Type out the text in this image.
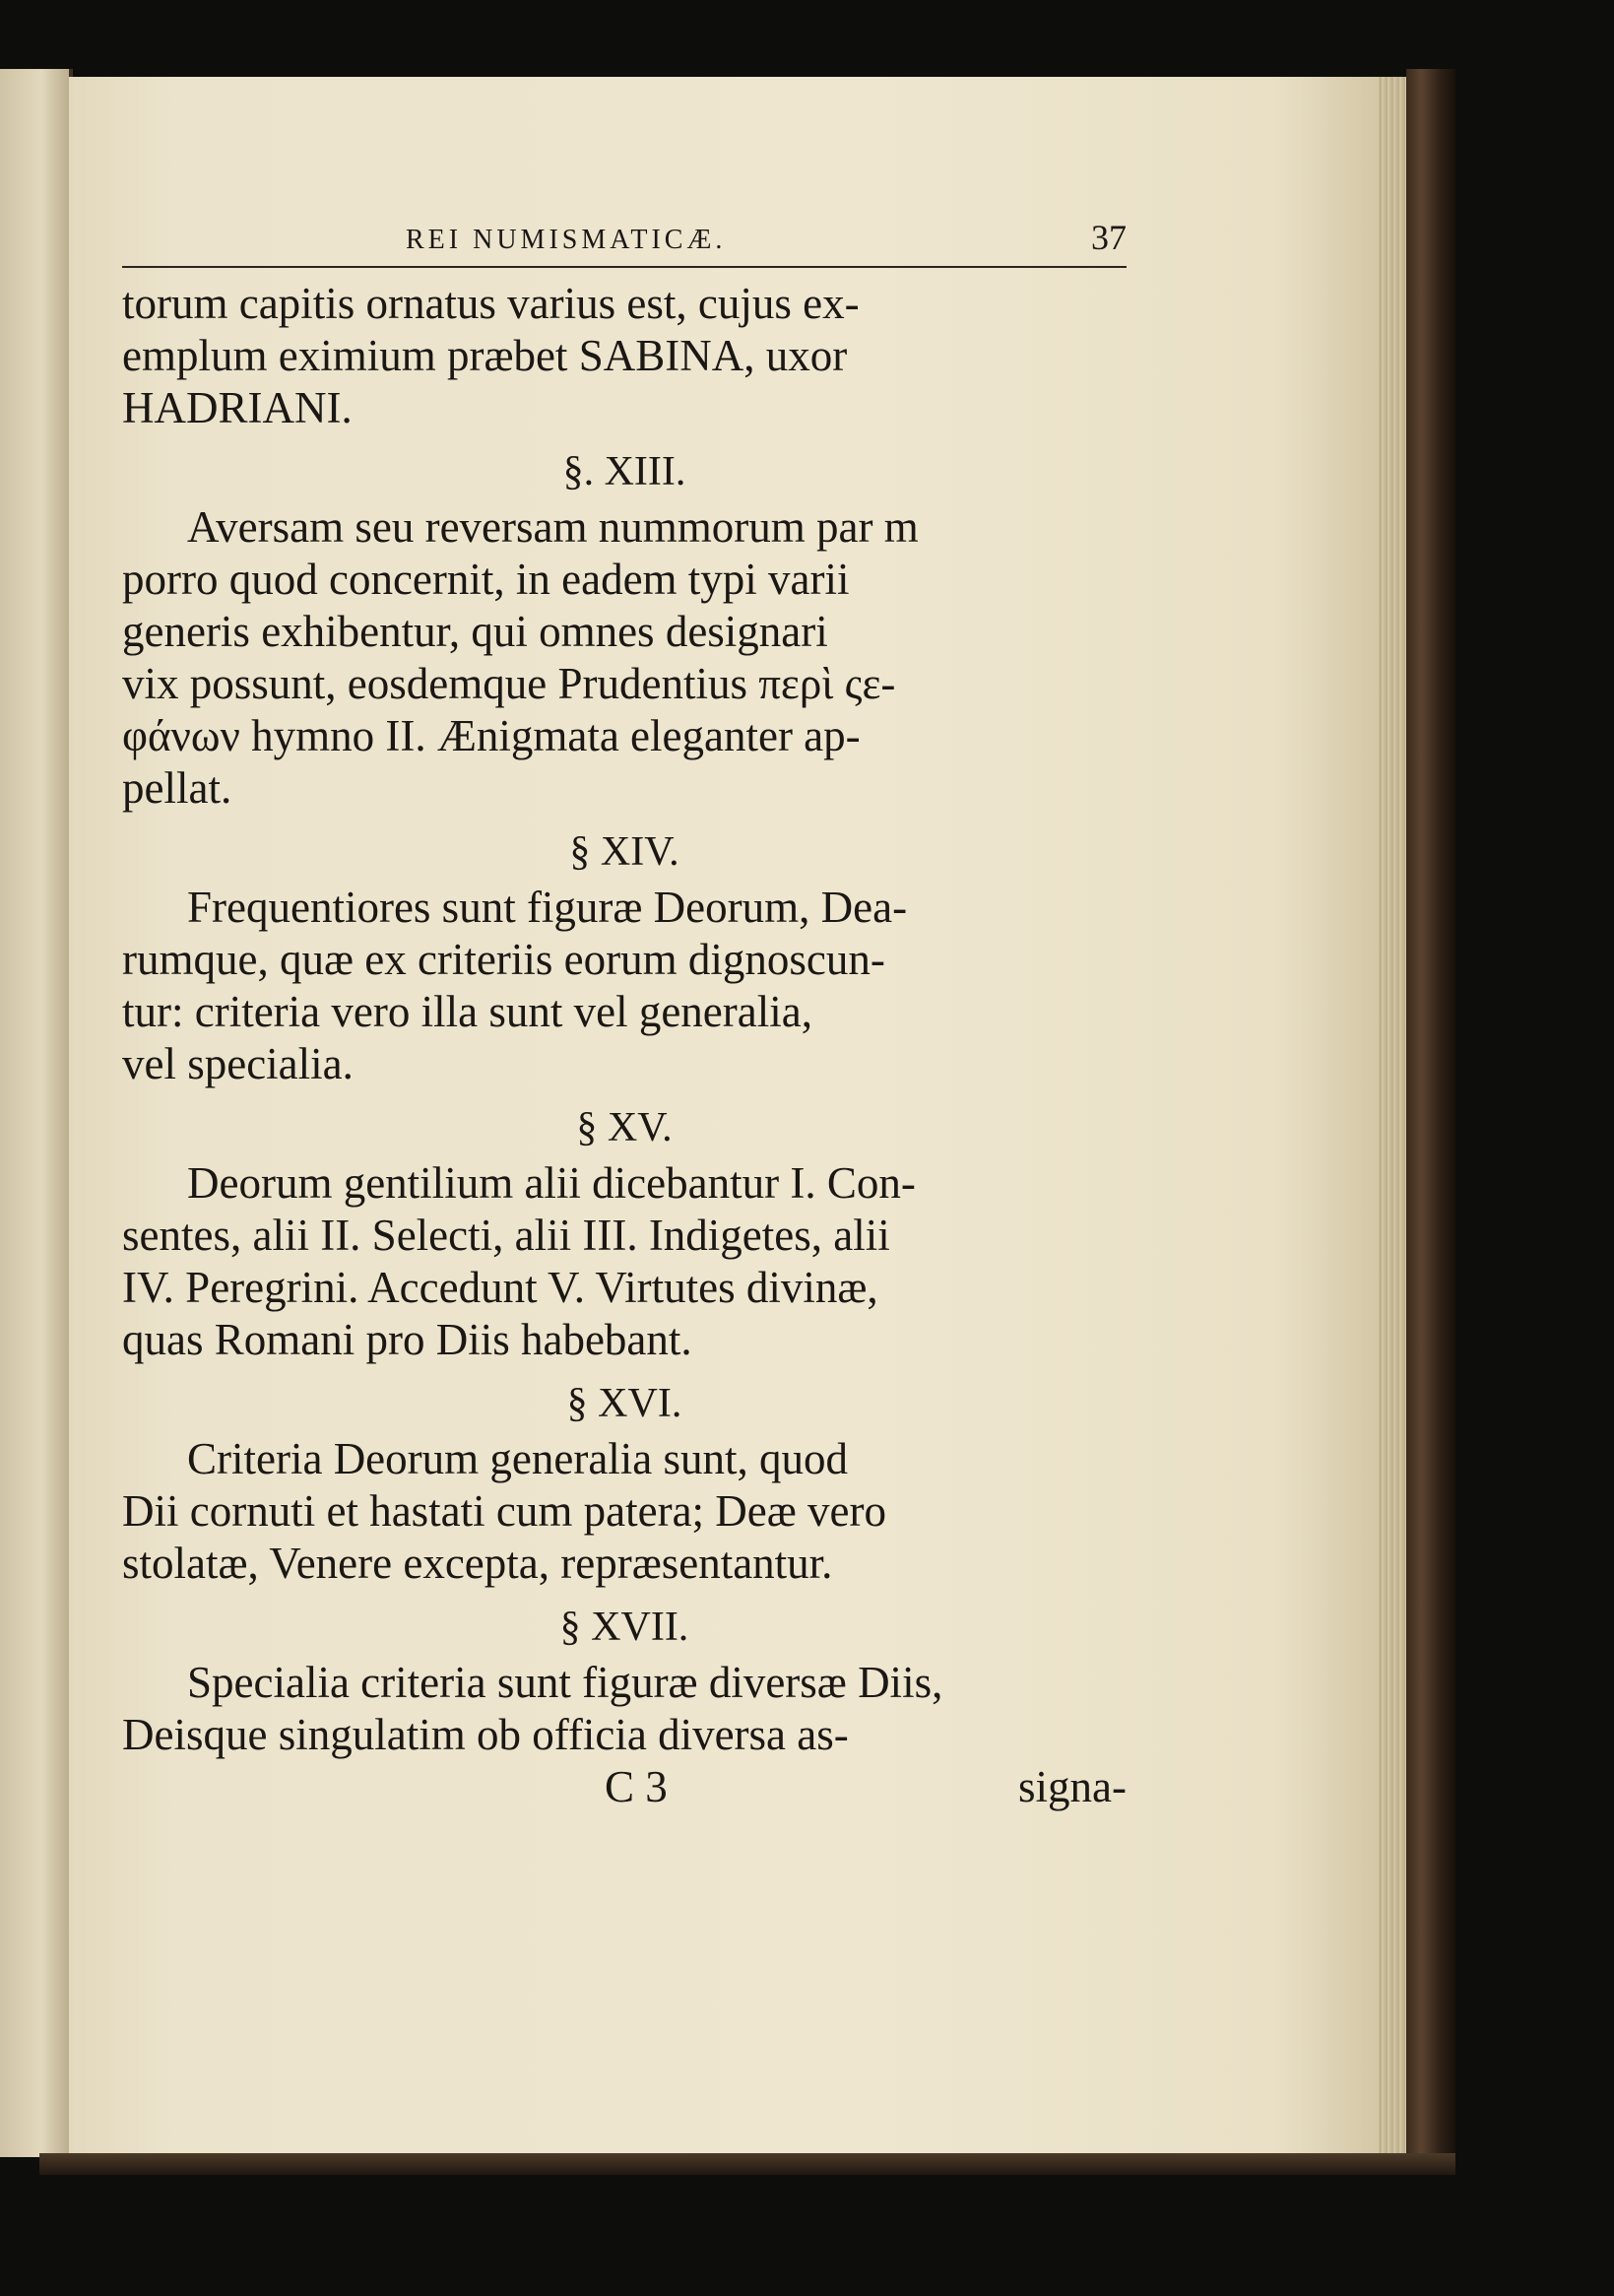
REI NUMISMATICÆ.	37

torum capitis ornatus varius est, cujus ex-

emplum eximium præbet SABINA, uxor

HADRIANI.

§. XIII.

Aversam seu reversam nummorum par m

porro quod concernit, in eadem typi varii

generis exhibentur, qui omnes designari

vix possunt, eosdemque Prudentius περὶ ςε-

φάνων hymno II. Ænigmata eleganter ap-

pellat.

§ XIV.

Frequentiores sunt figuræ Deorum, Dea-

rumque, quæ ex criteriis eorum dignoscun-

tur: criteria vero illa sunt vel generalia,

vel specialia.

§ XV.

Deorum gentilium alii dicebantur I. Con-

sentes, alii II. Selecti, alii III. Indigetes, alii

IV. Peregrini. Accedunt V. Virtutes divinæ,

quas Romani pro Diis habebant.

§ XVI.

Criteria Deorum generalia sunt, quod

Dii cornuti et hastati cum patera; Deæ vero

stolatæ, Venere excepta, repræsentantur.

§ XVII.

Specialia criteria sunt figuræ diversæ Diis,

Deisque singulatim ob officia diversa as-

C 3	signa-
